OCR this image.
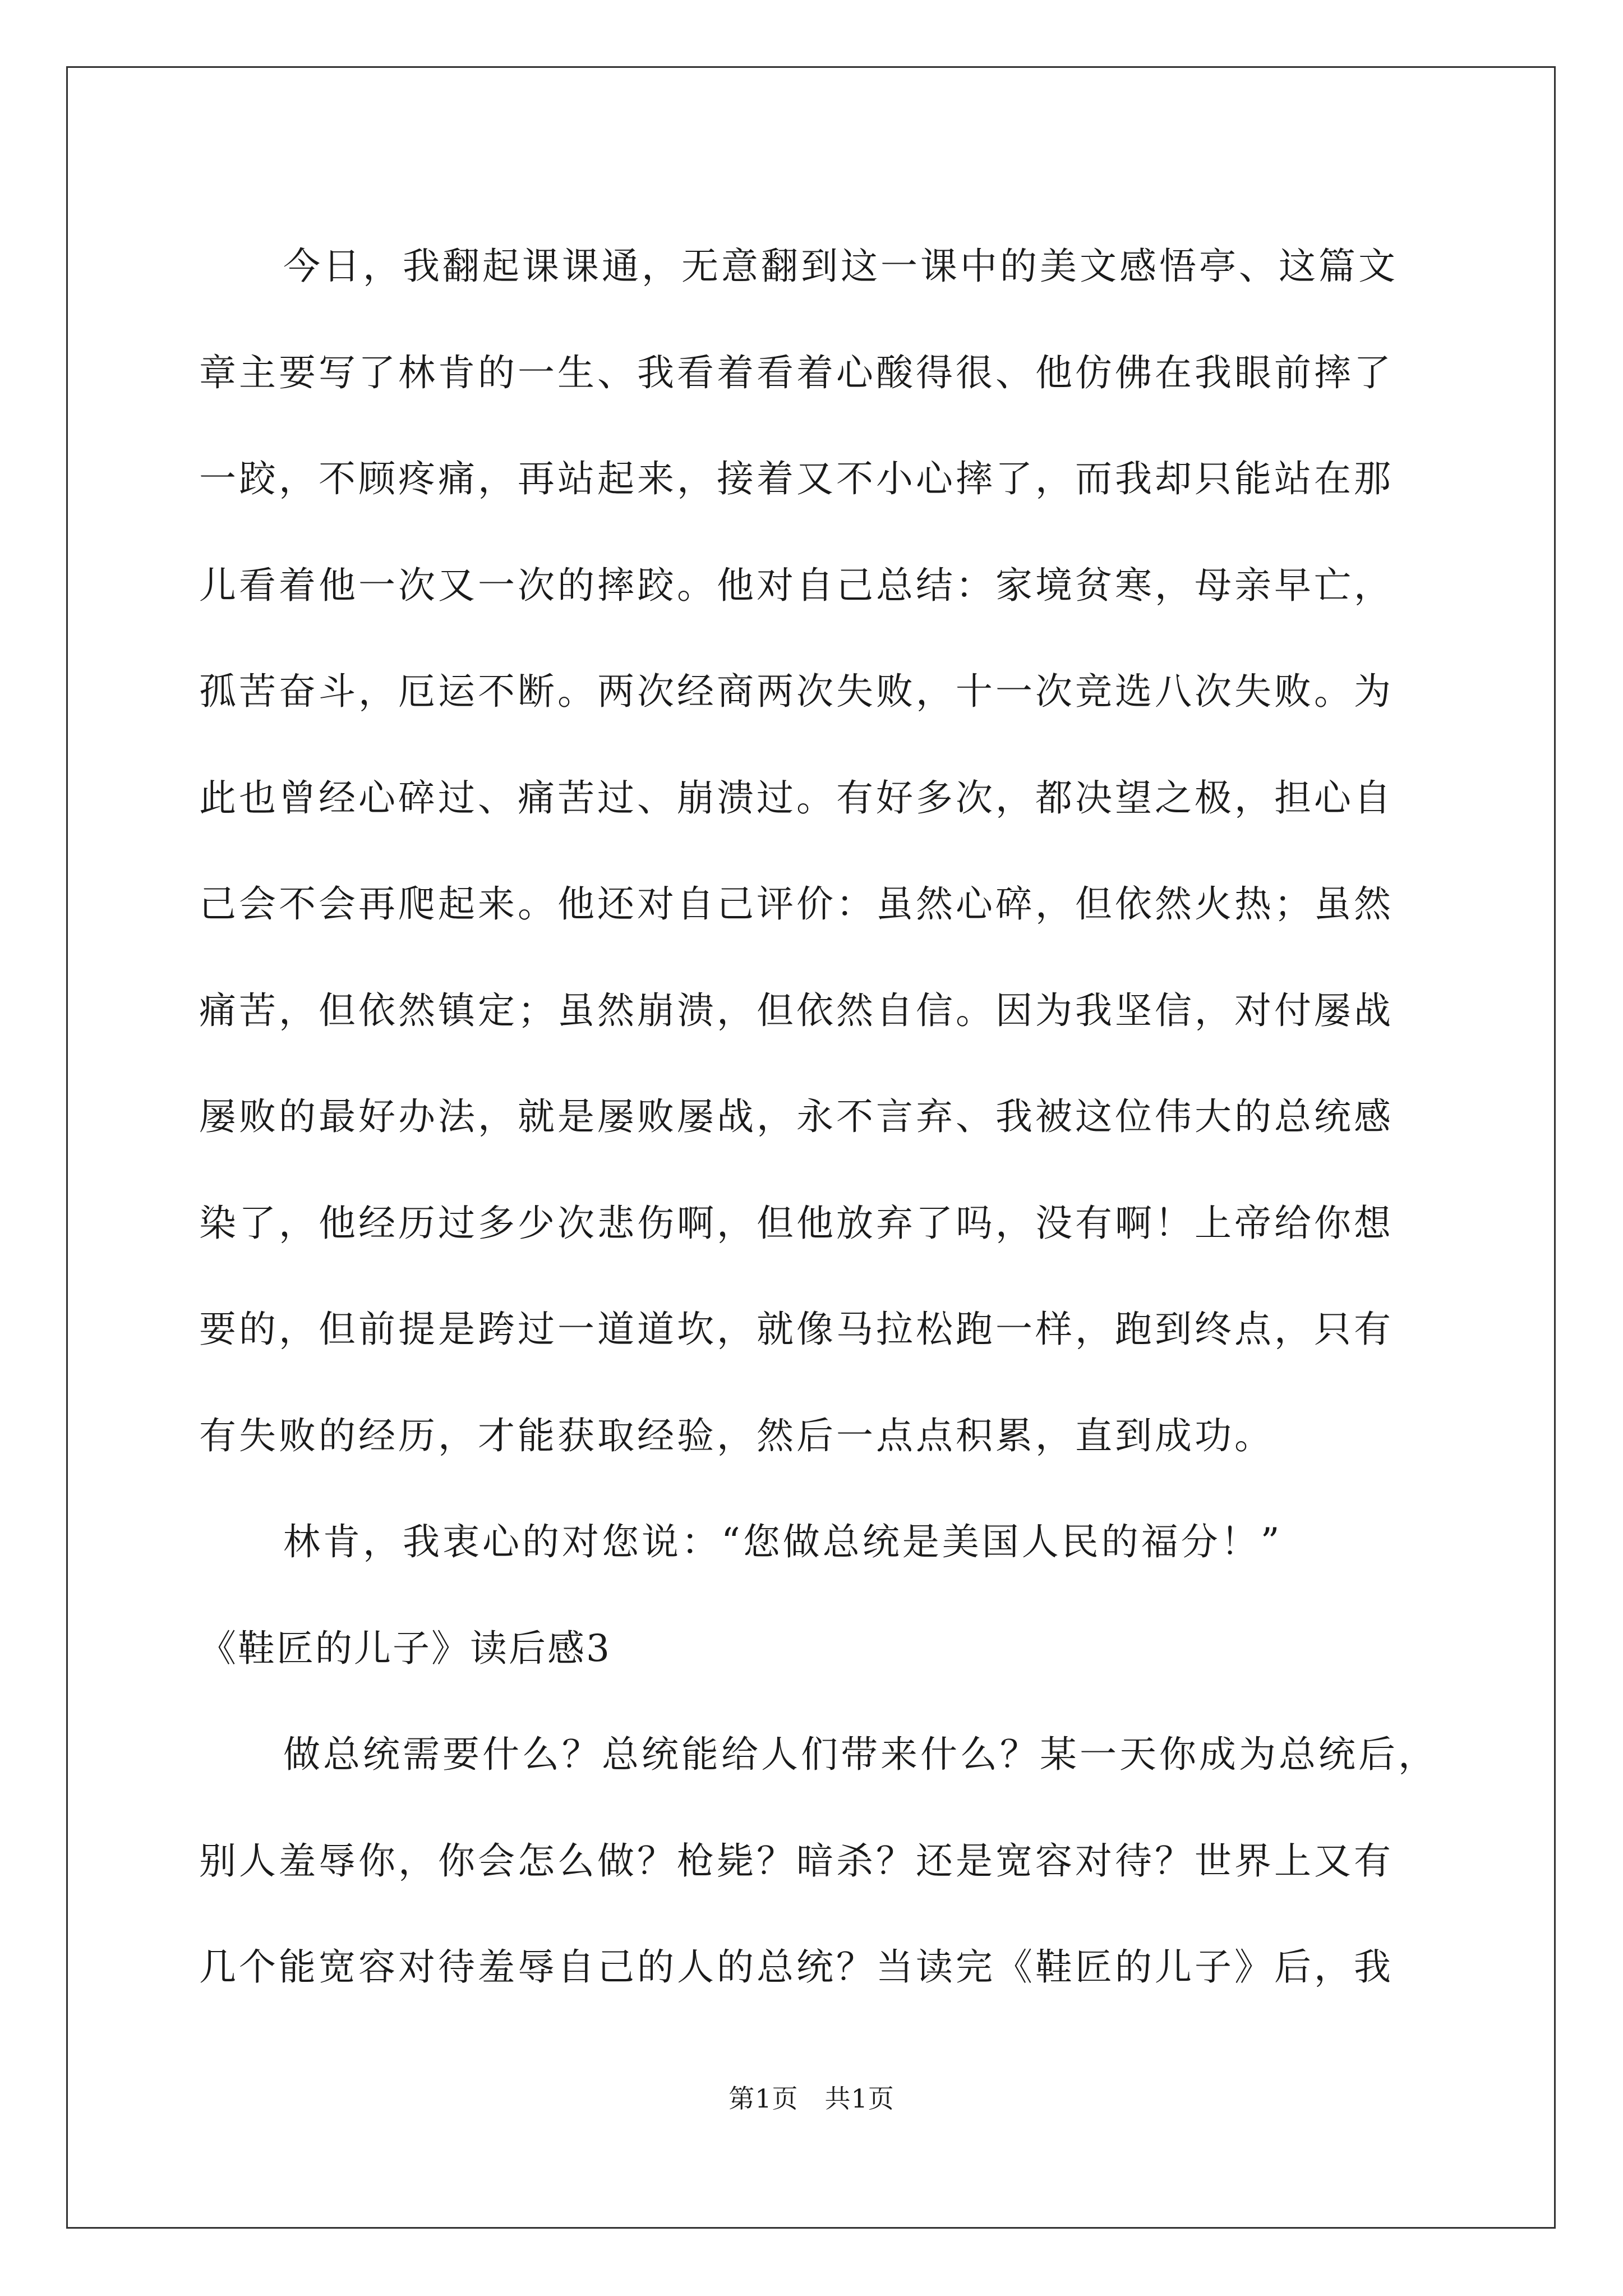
今日，我翻起课课通，无意翻到这一课中的美文感悟亭、这篇文
章主要写了林肯的一生、我看着看着心酸得很、他仿佛在我眼前摔了
一跤，不顾疼痛，再站起来，接着又不小心摔了，而我却只能站在那
儿看着他一次又一次的摔跤。他对自己总结：家境贫寒，母亲早亡，
孤苦奋斗，厄运不断。两次经商两次失败，十一次竞选八次失败。为
此也曾经心碎过、痛苦过、崩溃过。有好多次，都决望之极，担心自
己会不会再爬起来。他还对自己评价：虽然心碎，但依然火热；虽然
痛苦，但依然镇定；虽然崩溃，但依然自信。因为我坚信，对付屡战
屡败的最好办法，就是屡败屡战，永不言弃、我被这位伟大的总统感
染了，他经历过多少次悲伤啊，但他放弃了吗，没有啊！上帝给你想
要的，但前提是跨过一道道坎，就像马拉松跑一样，跑到终点，只有
有失败的经历，才能获取经验，然后一点点积累，直到成功。
林肯，我衷心的对您说：“您做总统是美国人民的福分！”
《鞋匠的儿子》读后感3
做总统需要什么？总统能给人们带来什么？某一天你成为总统后，
别人羞辱你，你会怎么做？枪毙？暗杀？还是宽容对待？世界上又有
几个能宽容对待羞辱自己的人的总统？当读完《鞋匠的儿子》后，我
第1页　共1页
